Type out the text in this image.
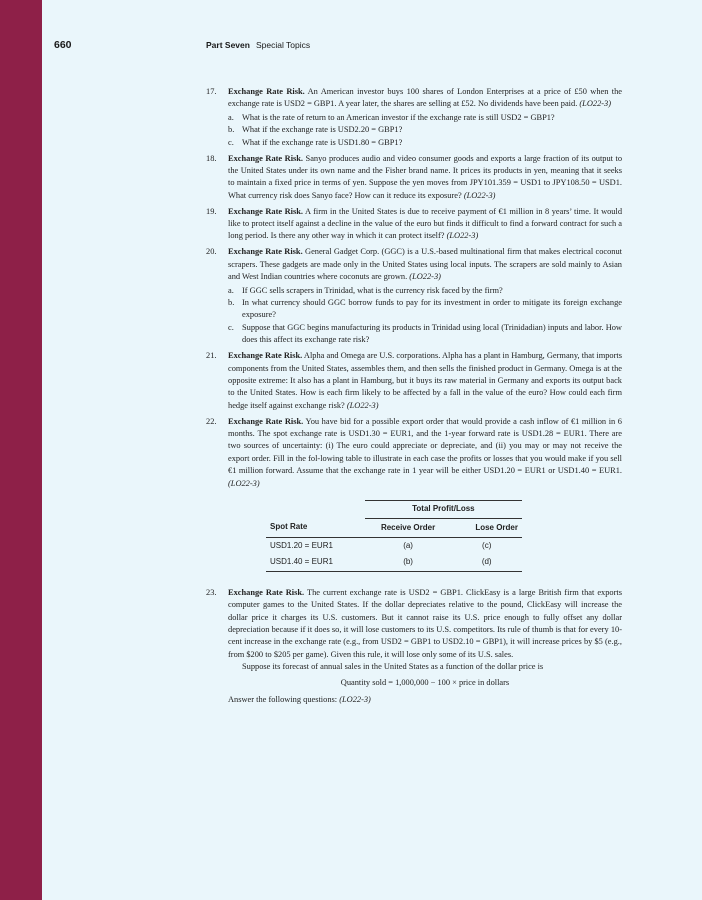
660	Part Seven Special Topics
17. Exchange Rate Risk. An American investor buys 100 shares of London Enterprises at a price of £50 when the exchange rate is USD2 = GBP1. A year later, the shares are selling at £52. No dividends have been paid. (LO22-3)
a. What is the rate of return to an American investor if the exchange rate is still USD2 = GBP1?
b. What if the exchange rate is USD2.20 = GBP1?
c. What if the exchange rate is USD1.80 = GBP1?
18. Exchange Rate Risk. Sanyo produces audio and video consumer goods and exports a large fraction of its output to the United States under its own name and the Fisher brand name. It prices its products in yen, meaning that it seeks to maintain a fixed price in terms of yen. Suppose the yen moves from JPY101.359 = USD1 to JPY108.50 = USD1. What currency risk does Sanyo face? How can it reduce its exposure? (LO22-3)
19. Exchange Rate Risk. A firm in the United States is due to receive payment of €1 million in 8 years’ time. It would like to protect itself against a decline in the value of the euro but finds it difficult to find a forward contract for such a long period. Is there any other way in which it can protect itself? (LO22-3)
20. Exchange Rate Risk. General Gadget Corp. (GGC) is a U.S.-based multinational firm that makes electrical coconut scrapers. These gadgets are made only in the United States using local inputs. The scrapers are sold mainly to Asian and West Indian countries where coconuts are grown. (LO22-3)
a. If GGC sells scrapers in Trinidad, what is the currency risk faced by the firm?
b. In what currency should GGC borrow funds to pay for its investment in order to mitigate its foreign exchange exposure?
c. Suppose that GGC begins manufacturing its products in Trinidad using local (Trinidadian) inputs and labor. How does this affect its exchange rate risk?
21. Exchange Rate Risk. Alpha and Omega are U.S. corporations. Alpha has a plant in Hamburg, Germany, that imports components from the United States, assembles them, and then sells the finished product in Germany. Omega is at the opposite extreme: It also has a plant in Hamburg, but it buys its raw material in Germany and exports its output back to the United States. How is each firm likely to be affected by a fall in the value of the euro? How could each firm hedge itself against exchange risk? (LO22-3)
22. Exchange Rate Risk. You have bid for a possible export order that would provide a cash inflow of €1 million in 6 months. The spot exchange rate is USD1.30 = EUR1, and the 1-year forward rate is USD1.28 = EUR1. There are two sources of uncertainty: (i) The euro could appreciate or depreciate, and (ii) you may or may not receive the export order. Fill in the fol-lowing table to illustrate in each case the profits or losses that you would make if you sell €1 million forward. Assume that the exchange rate in 1 year will be either USD1.20 = EUR1 or USD1.40 = EUR1. (LO22-3)
	Total Profit/Loss	
Spot Rate	Receive Order	Lose Order
USD1.20 = EUR1	(a)	(c)
USD1.40 = EUR1	(b)	(d)
23. Exchange Rate Risk. The current exchange rate is USD2 = GBP1. ClickEasy is a large British firm that exports computer games to the United States. If the dollar depreciates relative to the pound, ClickEasy will increase the dollar price it charges its U.S. customers. But it cannot raise its U.S. price enough to fully offset any dollar depreciation because if it does so, it will lose customers to its U.S. competitors. Its rule of thumb is that for every 10-cent increase in the exchange rate (e.g., from USD2 = GBP1 to USD2.10 = GBP1), it will increase prices by $5 (e.g., from $200 to $205 per game). Given this rule, it will lose only some of its U.S. sales.
Suppose its forecast of annual sales in the United States as a function of the dollar price is
Quantity sold = 1,000,000 − 100 × price in dollars
Answer the following questions: (LO22-3)
